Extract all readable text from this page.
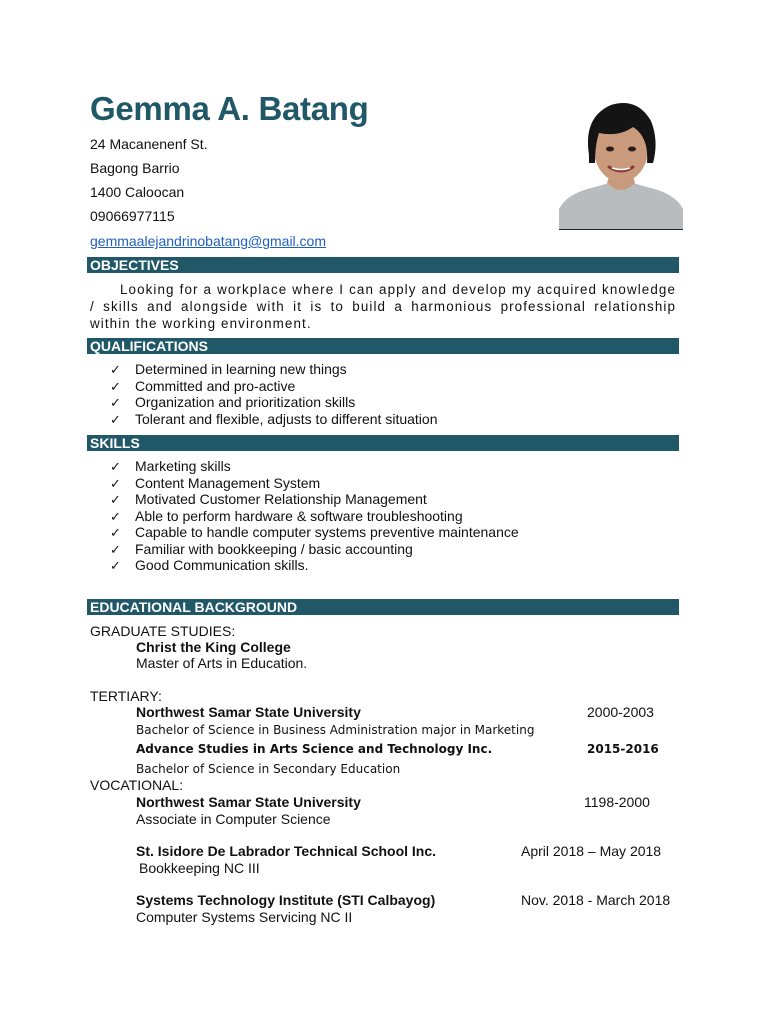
Gemma A. Batang
24 Macanenenf St.
Bagong Barrio
1400 Caloocan
09066977115
gemmaalejandrinobatang@gmail.com
OBJECTIVES
Looking for a workplace where I can apply and develop my acquired knowledge / skills and alongside with it is to build a harmonious professional relationship within the working environment.
QUALIFICATIONS
✓ Determined in learning new things
✓ Committed and pro-active
✓ Organization and prioritization skills
✓ Tolerant and flexible, adjusts to different situation
SKILLS
✓ Marketing skills
✓ Content Management System
✓ Motivated Customer Relationship Management
✓ Able to perform hardware & software troubleshooting
✓ Capable to handle computer systems preventive maintenance
✓ Familiar with bookkeeping / basic accounting
✓ Good Communication skills.
EDUCATIONAL BACKGROUND
GRADUATE STUDIES:
Christ the King College
Master of Arts in Education.
TERTIARY:
Northwest Samar State University	2000-2003
Bachelor of Science in Business Administration major in Marketing
Advance Studies in Arts Science and Technology Inc.	2015-2016
Bachelor of Science in Secondary Education
VOCATIONAL:
Northwest Samar State University	1198-2000
Associate in Computer Science
St. Isidore De Labrador Technical School Inc.	April 2018 – May 2018
Bookkeeping NC III
Systems Technology Institute (STI Calbayog)	Nov. 2018 - March 2018
Computer Systems Servicing NC II
